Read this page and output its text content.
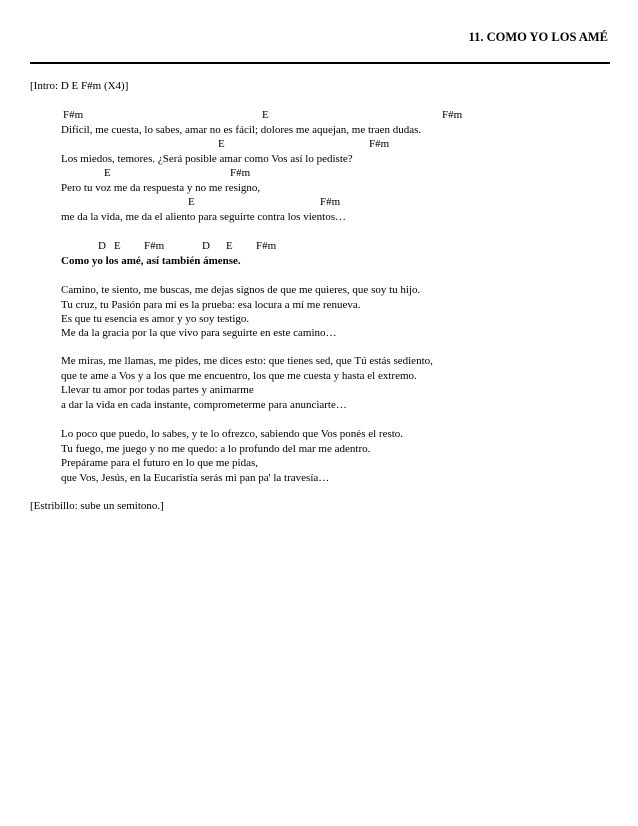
11. COMO YO LOS AMÉ
[Intro: D E F#m (X4)]
F#m	E	F#m
Difícil, me cuesta, lo sabes, amar no es fácil; dolores me aquejan, me traen dudas.
E	F#m
Los miedos, temores. ¿Será posible amar como Vos así lo pediste?
E	F#m
Pero tu voz me da respuesta y no me resigno,
E	F#m
me da la vida, me da el aliento para seguirte contra los vientos…
D E F#m	D E F#m
Como yo los amé, así también ámense.
Camino, te siento, me buscas, me dejas signos de que me quieres, que soy tu hijo.
Tu cruz, tu Pasión para mí es la prueba: esa locura a mí me renueva.
Es que tu esencia es amor y yo soy testigo.
Me da la gracia por la que vivo para seguirte en este camino…
Me miras, me llamas, me pides, me dices esto: que tienes sed, que Tú estás sediento,
que te ame a Vos y a los que me encuentro, los que me cuesta y hasta el extremo.
Llevar tu amor por todas partes y animarme
a dar la vida en cada instante, comprometerme para anunciarte…
Lo poco que puedo, lo sabes, y te lo ofrezco, sabiendo que Vos ponés el resto.
Tu fuego, me juego y no me quedo: a lo profundo del mar me adentro.
Prepárame para el futuro en lo que me pidas,
que Vos, Jesús, en la Eucaristía serás mi pan pa' la travesía…
[Estribillo: sube un semitono.]
